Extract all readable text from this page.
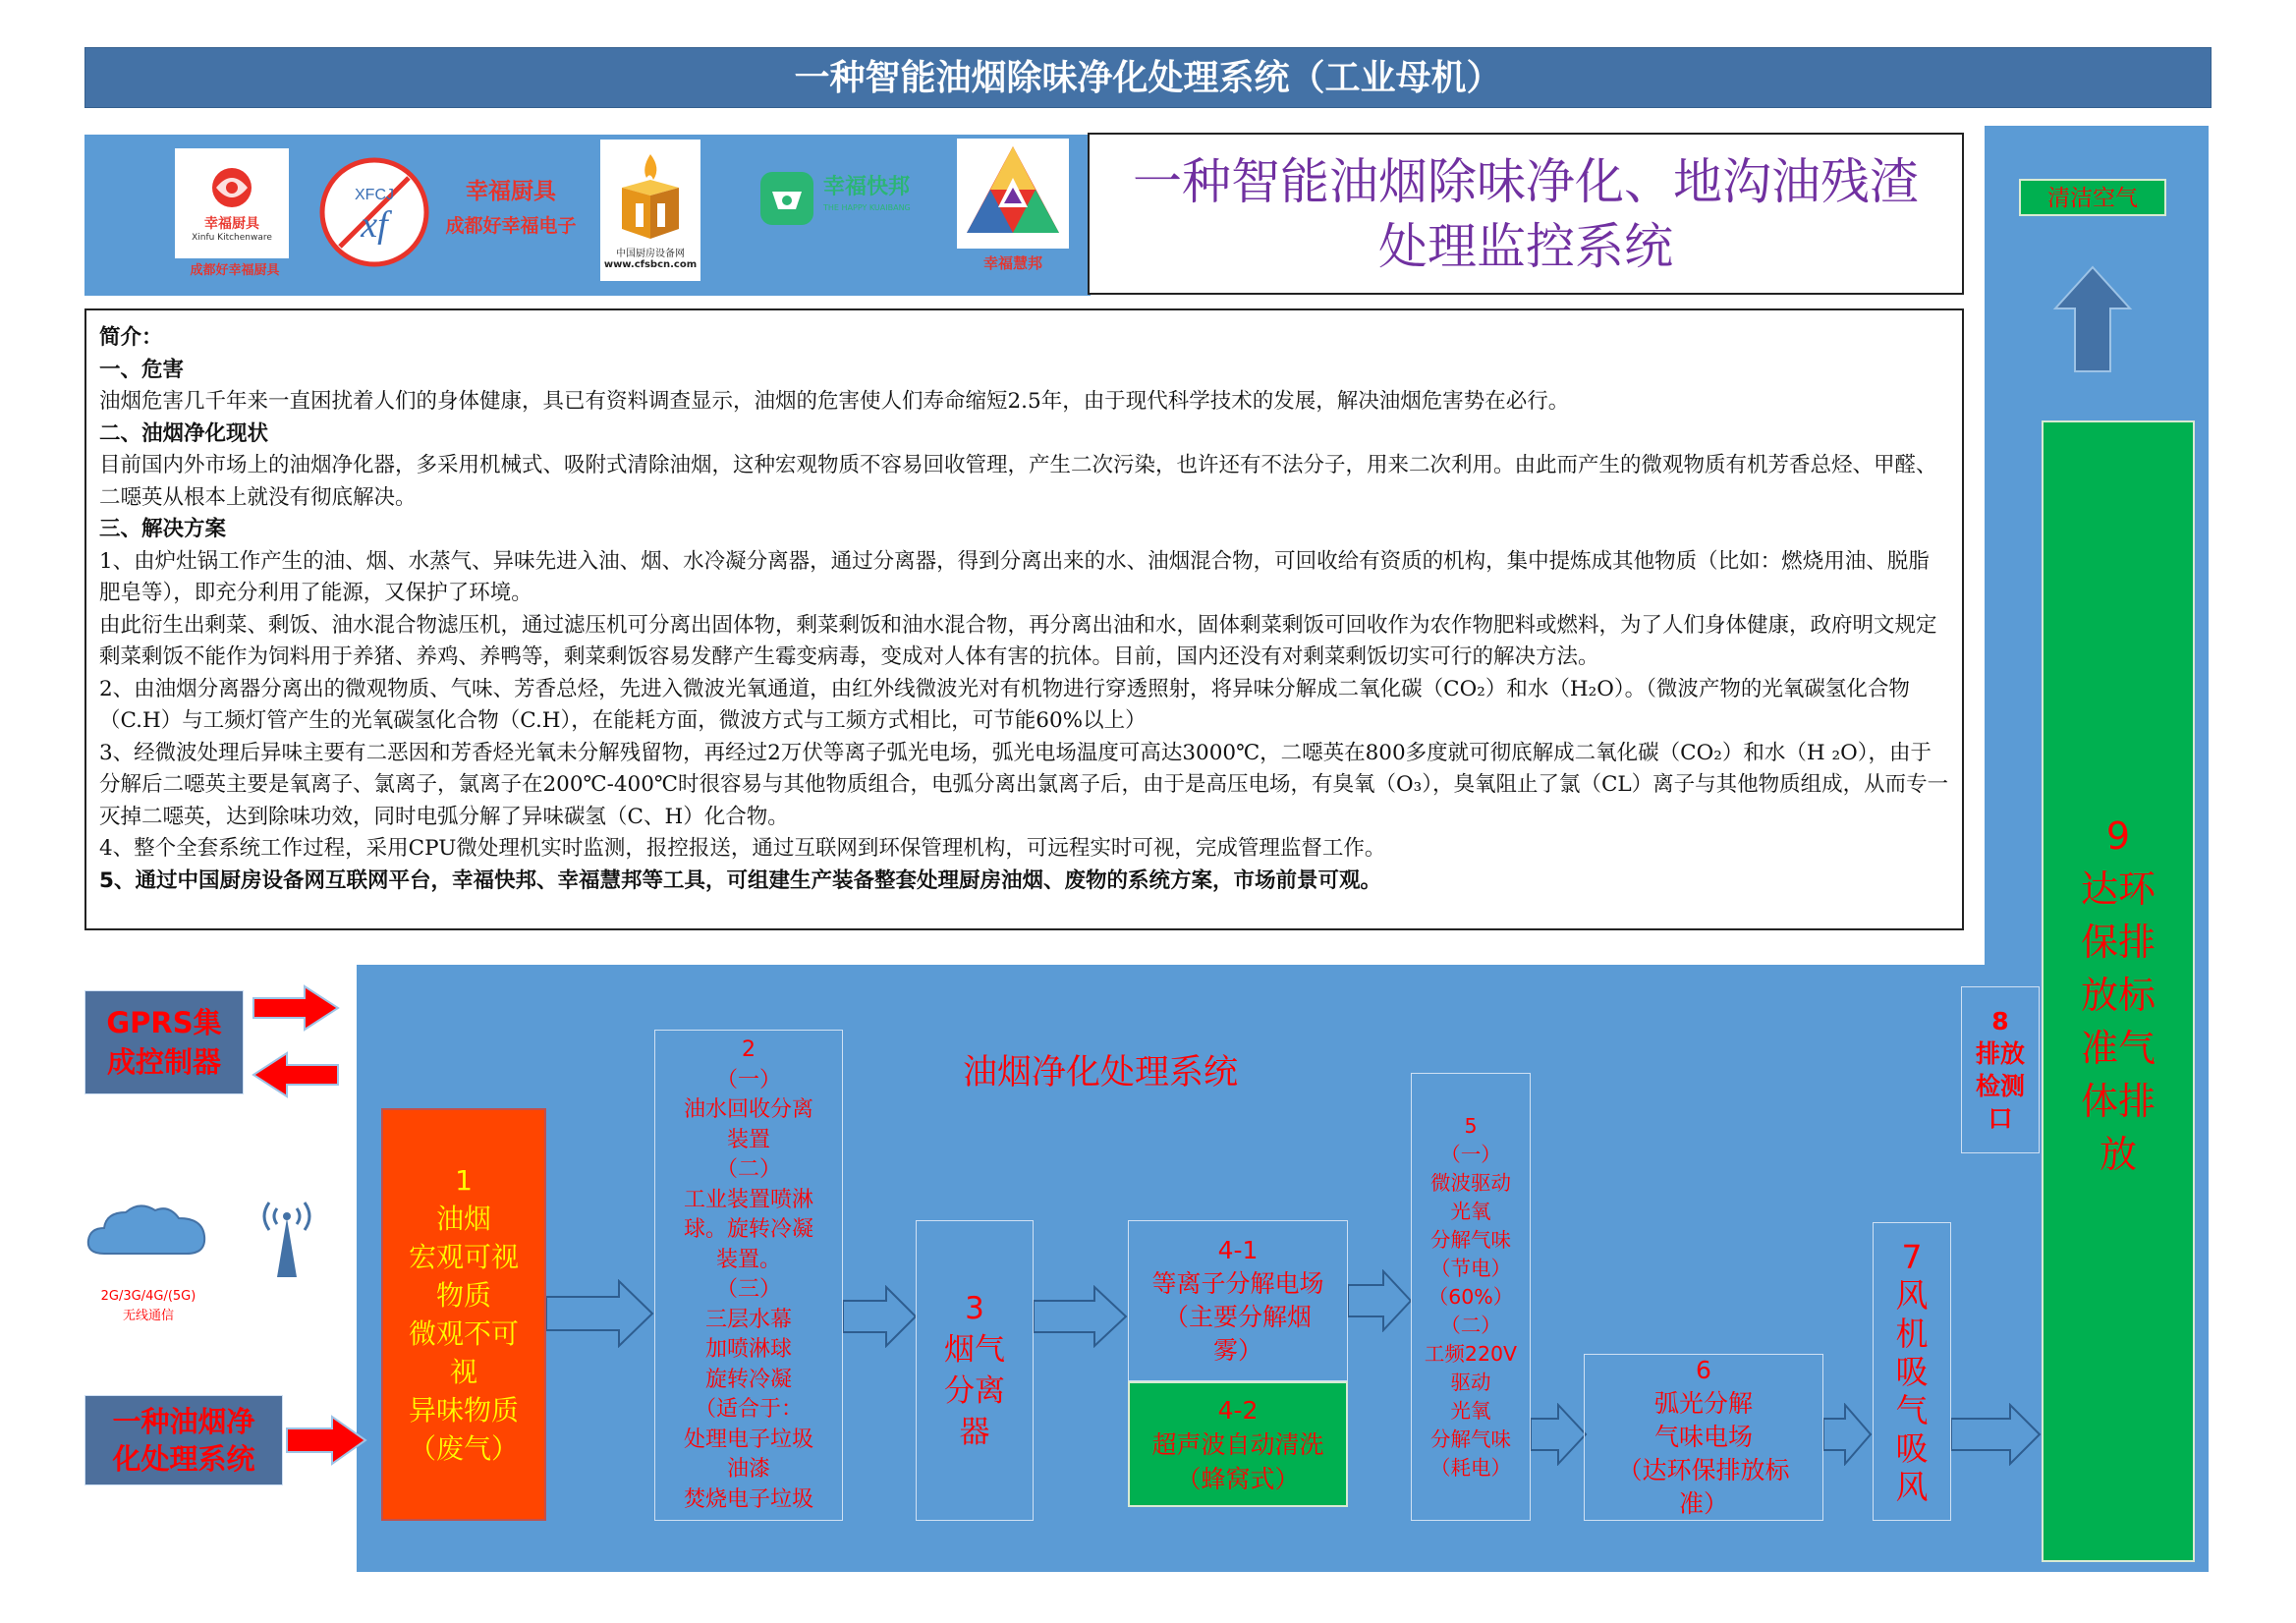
一种智能油烟除味净化处理系统（工业母机）
幸福厨具
Xinfu Kitchenware
成都好幸福厨具
XFCJ
xf
幸福厨具
成都好幸福电子
中国厨房设备网
www.cfsbcn.com
幸福快邦
THE HAPPY KUAIBANG
幸福慧邦
一种智能油烟除味净化、地沟油残渣
处理监控系统

简介：

一、危害

油烟危害几千年来一直困扰着人们的身体健康，具已有资料调查显示，油烟的危害使人们寿命缩短2.5年，由于现代科学技术的发展，解决油烟危害势在必行。

二、油烟净化现状

目前国内外市场上的油烟净化器，多采用机械式、吸附式清除油烟，这种宏观物质不容易回收管理，产生二次污染，也许还有不法分子，用来二次利用。由此而产生的微观物质有机芳香总烃、甲醛、二噁英从根本上就没有彻底解决。

三、解决方案

1、由炉灶锅工作产生的油、烟、水蒸气、异味先进入油、烟、水冷凝分离器，通过分离器，得到分离出来的水、油烟混合物，可回收给有资质的机构，集中提炼成其他物质（比如：燃烧用油、脱脂肥皂等），即充分利用了能源，又保护了环境。

由此衍生出剩菜、剩饭、油水混合物滤压机，通过滤压机可分离出固体物，剩菜剩饭和油水混合物，再分离出油和水，固体剩菜剩饭可回收作为农作物肥料或燃料，为了人们身体健康，政府明文规定剩菜剩饭不能作为饲料用于养猪、养鸡、养鸭等，剩菜剩饭容易发酵产生霉变病毒，变成对人体有害的抗体。目前，国内还没有对剩菜剩饭切实可行的解决方法。

2、由油烟分离器分离出的微观物质、气味、芳香总烃，先进入微波光氧通道，由红外线微波光对有机物进行穿透照射，将异味分解成二氧化碳（CO₂）和水（H₂O）。（微波产物的光氧碳氢化合物（C.H）与工频灯管产生的光氧碳氢化合物（C.H），在能耗方面，微波方式与工频方式相比，可节能60%以上）

3、经微波处理后异味主要有二恶因和芳香烃光氧未分解残留物，再经过2万伏等离子弧光电场，弧光电场温度可高达3000℃，二噁英在800多度就可彻底解成二氧化碳（CO₂）和水（H ₂O），由于分解后二噁英主要是氧离子、氯离子，氯离子在200℃-400℃时很容易与其他物质组合，电弧分离出氯离子后，由于是高压电场，有臭氧（O₃），臭氧阻止了氯（CL）离子与其他物质组成，从而专一灭掉二噁英，达到除味功效，同时电弧分解了异味碳氢（C、H）化合物。

4、整个全套系统工作过程，采用CPU微处理机实时监测，报控报送，通过互联网到环保管理机构，可远程实时可视，完成管理监督工作。

5、通过中国厨房设备网互联网平台，幸福快邦、幸福慧邦等工具，可组建生产装备整套处理厨房油烟、废物的系统方案，市场前景可观。

清洁空气
9
达环
保排
放标
准气
体排
放
油烟净化处理系统
GPRS集
成控制器
2G/3G/4G/(5G)
无线通信
一种油烟净
化处理系统
1
油烟
宏观可视
物质
微观不可
视
异味物质
（废气）
2
（一）
油水回收分离
装置
（二）
工业装置喷淋
球。旋转冷凝
装置。
（三）
三层水幕
加喷淋球
旋转冷凝
（适合于：
处理电子垃圾
油漆
焚烧电子垃圾
3
烟气
分离
器
4-1
等离子分解电场
（主要分解烟
雾）
4-2
超声波自动清洗
（蜂窝式）
5
（一）
微波驱动
光氧
分解气味
（节电）
（60%）
（二）
工频220V
驱动
光氧
分解气味
（耗电）
6
弧光分解
气味电场
（达环保排放标
准）
7
风
机
吸
气
吸
风
8
排放
检测
口
